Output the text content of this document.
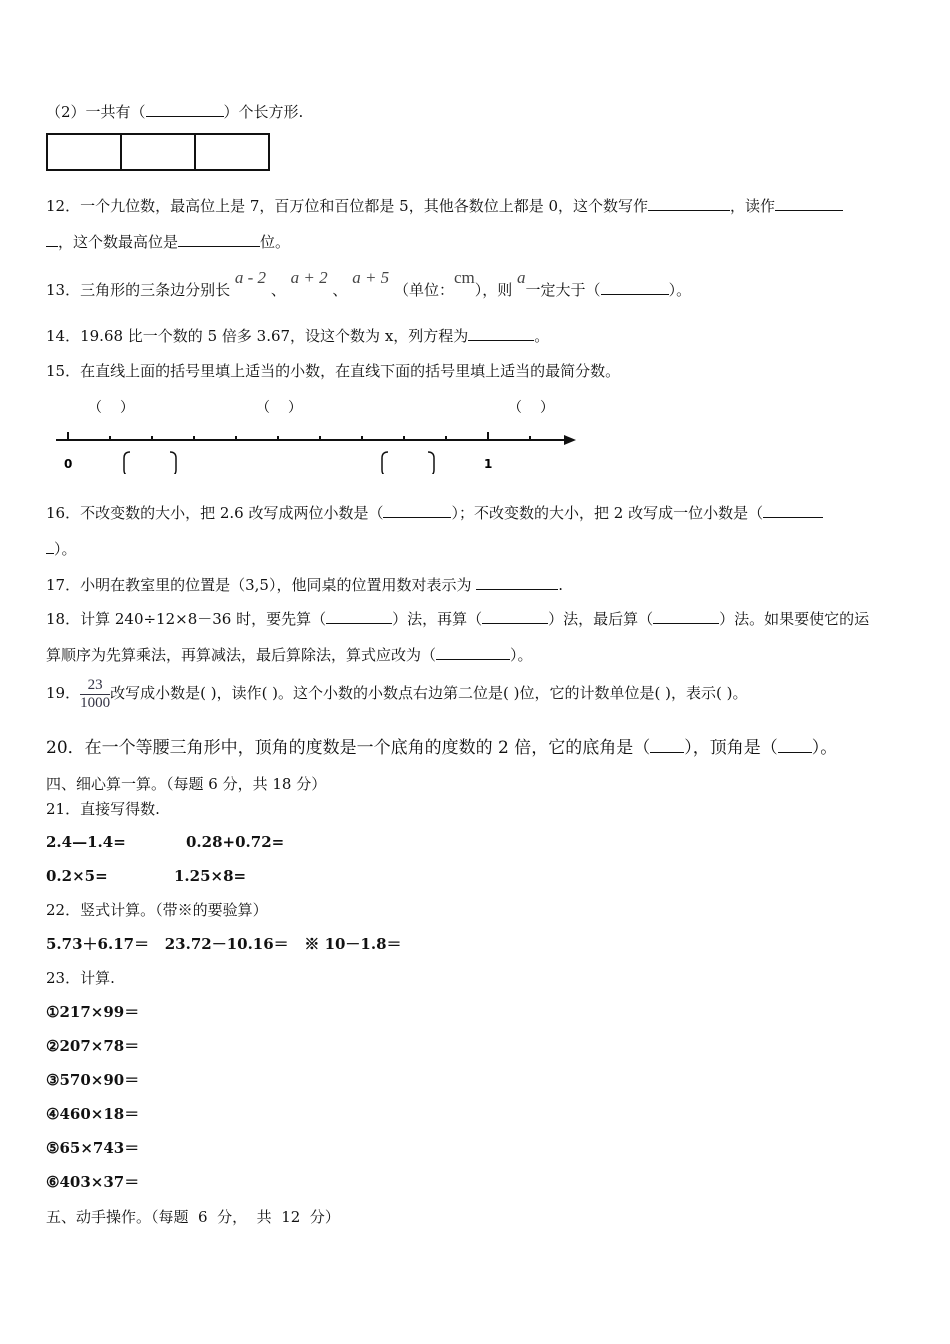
（2）一共有（	）个长方形.
12．一个九位数，最高位上是 7，百万位和百位都是 5，其他各数位上都是 0，这个数写作	，读作
，这个数最高位是	位。
13．三角形的三条边分别长 a - 2 、 a + 2 、 a + 5 （单位：cm），则 a一定大于（	）。
14．19.68 比一个数的 5 倍多 3.67，设这个数为 x，列方程为	。
15．在直线上面的括号里填上适当的小数，在直线下面的括号里填上适当的最简分数。
0	1
（ ）	（ ）	（ ）
16．不改变数的大小，把 2.6 改写成两位小数是（	）；不改变数的大小，把 2 改写成一位小数是（
）。
17．小明在教室里的位置是（3,5），他同桌的位置用数对表示为	.
18．计算 240÷12×8－36 时，要先算（	）法，再算（	）法，最后算（	）法。如果要使它的运
算顺序为先算乘法，再算减法，最后算除法，算式应改为（	）。
19． $\frac{23}{1000}$ 改写成小数是( )，读作( )。这个小数的小数点右边第二位是( )位，它的计数单位是( )，表示( )。
20．在一个等腰三角形中，顶角的度数是一个底角的度数的 2 倍，它的底角是（ ），顶角是（ ）。
四、细心算一算。（每题 6 分，共 18 分）
21．直接写得数.
2.4—1.4=	0.28+0.72=
0.2×5=	1.25×8=
22．竖式计算。（带※的要验算）
5.73＋6.17＝   23.72－10.16＝   ※ 10－1.8＝
23．计算.
①217×99＝
②207×78＝
③570×90＝
④460×18＝
⑤65×743＝
⑥403×37＝
五、动手操作。（每题  6  分，  共  12  分）
